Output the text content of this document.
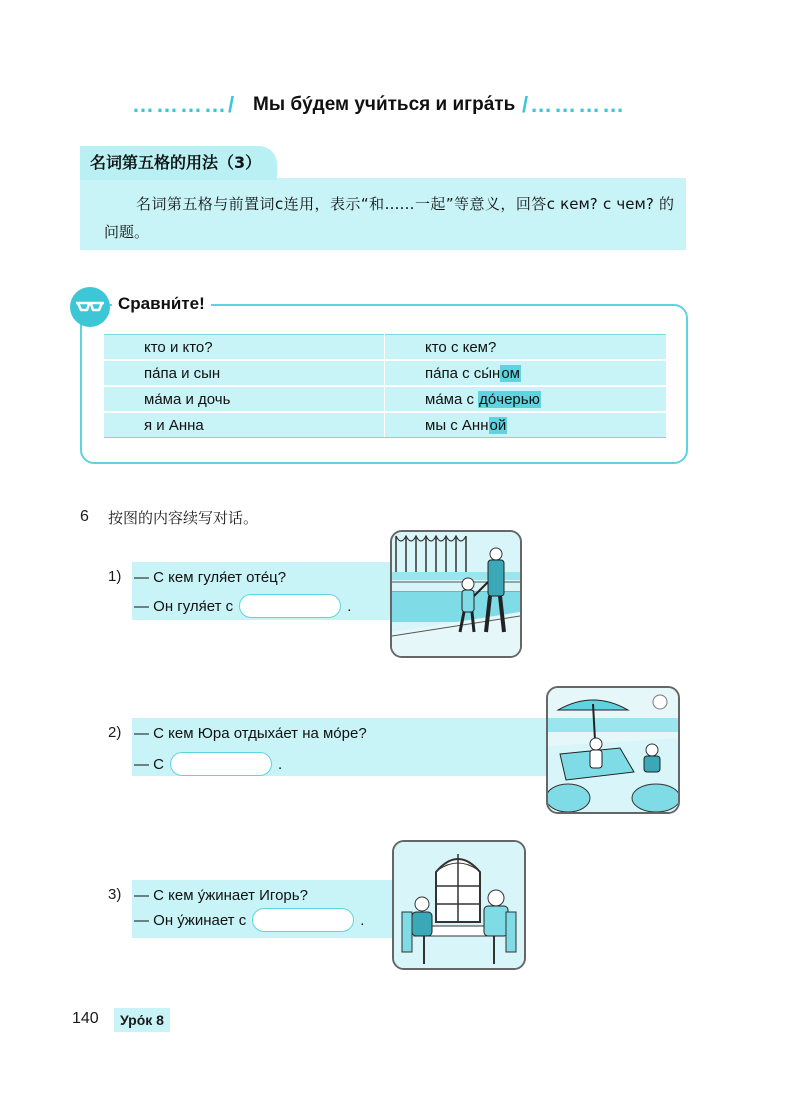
…………/ Мы бýдем учи́ться и игра́ть /…………
名词第五格的用法（3）
名词第五格与前置词с连用，表示“和……一起”等意义，回答с кем? с чем? 的问题。
Сравни́те!
кто и кто?	кто с кем?
па́па и сын	па́па с сы́ном
ма́ма и дочь	ма́ма с до́черью
я и Анна	мы с Анной
6 按图的内容续写对话。
1) — С кем гуля́ет оте́ц?
— Он гуля́ет с	.
2) — С кем Юра отдыха́ет на мо́ре?
— С	.
3) — С кем у́жинает Игорь?
— Он у́жинает с	.
140	Уро́к 8
